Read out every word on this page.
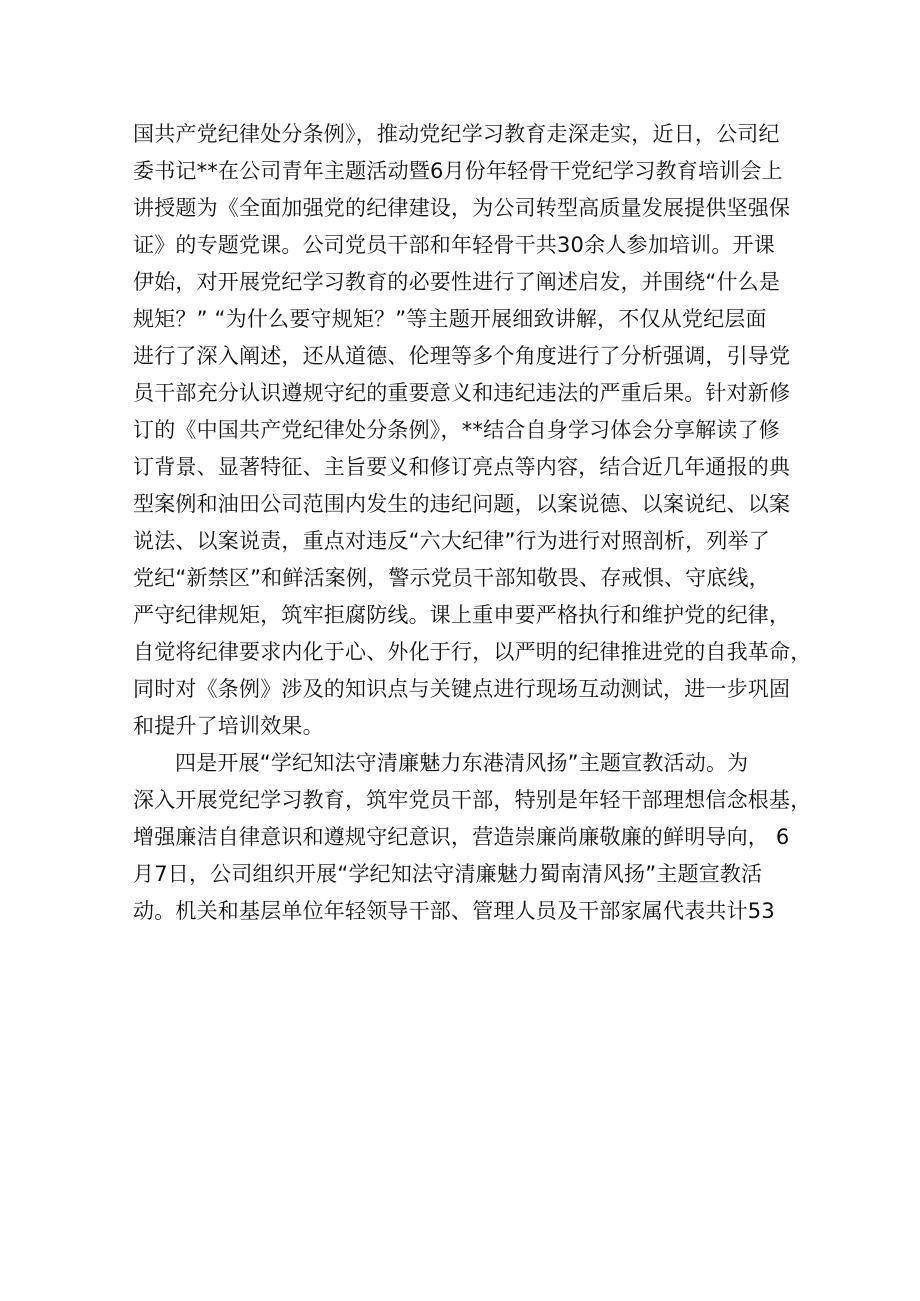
国共产党纪律处分条例》，推动党纪学习教育走深走实，近日，公司纪
委书记**在公司青年主题活动暨6月份年轻骨干党纪学习教育培训会上
讲授题为《全面加强党的纪律建设，为公司转型高质量发展提供坚强保
证》的专题党课。公司党员干部和年轻骨干共30余人参加培训。开课
伊始，对开展党纪学习教育的必要性进行了阐述启发，并围绕“什么是
规矩？” “为什么要守规矩？”等主题开展细致讲解，不仅从党纪层面
进行了深入阐述，还从道德、伦理等多个角度进行了分析强调，引导党
员干部充分认识遵规守纪的重要意义和违纪违法的严重后果。针对新修
订的《中国共产党纪律处分条例》，**结合自身学习体会分享解读了修
订背景、显著特征、主旨要义和修订亮点等内容，结合近几年通报的典
型案例和油田公司范围内发生的违纪问题，以案说德、以案说纪、以案
说法、以案说责，重点对违反“六大纪律”行为进行对照剖析，列举了
党纪“新禁区”和鲜活案例，警示党员干部知敬畏、存戒惧、守底线，
严守纪律规矩，筑牢拒腐防线。课上重申要严格执行和维护党的纪律，
自觉将纪律要求内化于心、外化于行，以严明的纪律推进党的自我革命，
同时对《条例》涉及的知识点与关键点进行现场互动测试，进一步巩固
和提升了培训效果。
四是开展“学纪知法守清廉魅力东港清风扬”主题宣教活动。为
深入开展党纪学习教育，筑牢党员干部，特别是年轻干部理想信念根基，
增强廉洁自律意识和遵规守纪意识，营造崇廉尚廉敬廉的鲜明导向， 6
月7日，公司组织开展“学纪知法守清廉魅力蜀南清风扬”主题宣教活
动。机关和基层单位年轻领导干部、管理人员及干部家属代表共计53
